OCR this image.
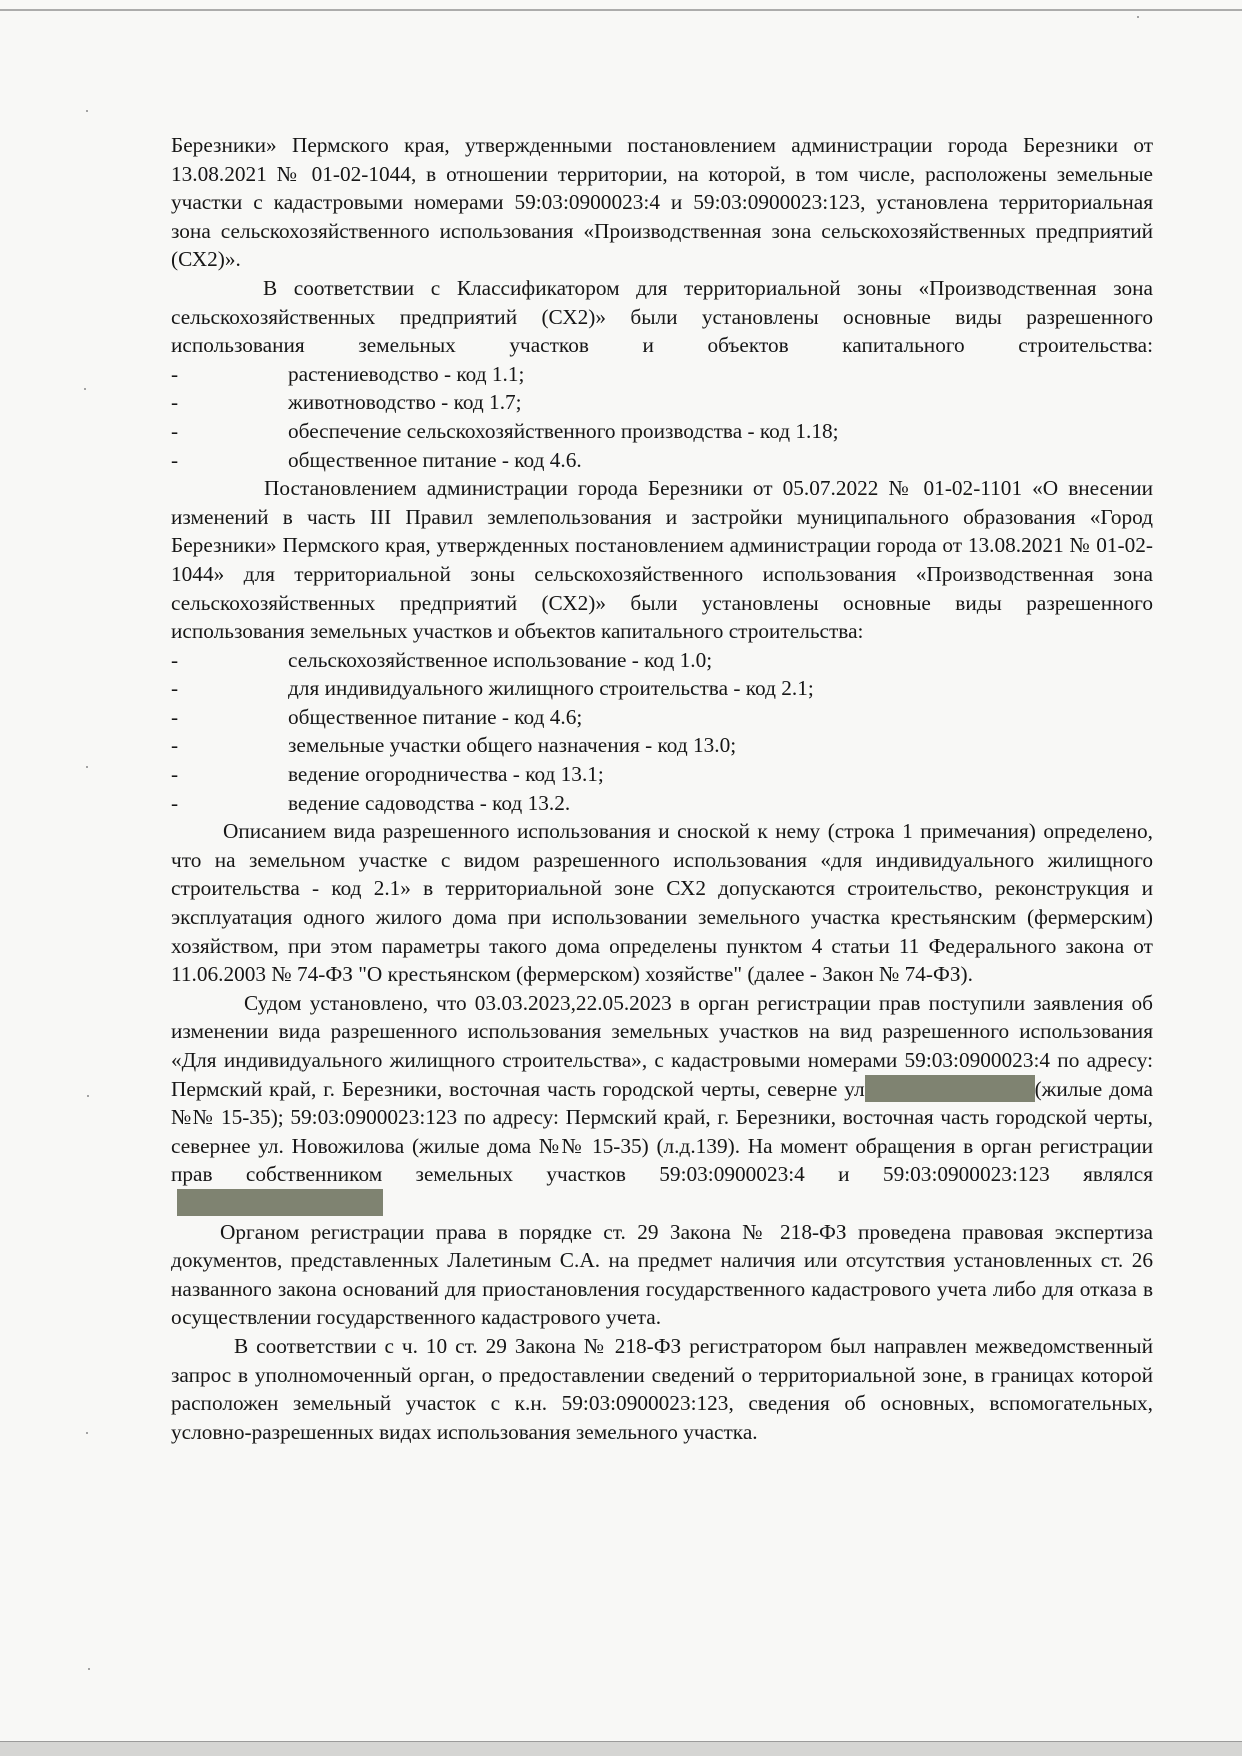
Березники» Пермского края, утвержденными постановлением администрации города Березники от 13.08.2021 № 01-02-1044, в отношении территории, на которой, в том числе, расположены земельные участки с кадастровыми номерами 59:03:0900023:4 и 59:03:0900023:123, установлена территориальная зона сельскохозяйственного использования «Производственная зона сельскохозяйственных предприятий (СХ2)».

В соответствии с Классификатором для территориальной зоны «Производственная зона сельскохозяйственных предприятий (СХ2)» были установлены основные виды разрешенного использования земельных участков и объектов капитального строительства:

-	растениеводство - код 1.1;
-	животноводство - код 1.7;
-	обеспечение сельскохозяйственного производства - код 1.18;
-	общественное питание - код 4.6.

Постановлением администрации города Березники от 05.07.2022 № 01-02-1101 «О внесении изменений в часть III Правил землепользования и застройки муниципального образования «Город Березники» Пермского края, утвержденных постановлением администрации города от 13.08.2021 № 01-02-1044» для территориальной зоны сельскохозяйственного использования «Производственная зона сельскохозяйственных предприятий (СХ2)» были установлены основные виды разрешенного использования земельных участков и объектов капитального строительства:

-	сельскохозяйственное использование - код 1.0;
-	для индивидуального жилищного строительства - код 2.1;
-	общественное питание - код 4.6;
-	земельные участки общего назначения - код 13.0;
-	ведение огородничества - код 13.1;
-	ведение садоводства - код 13.2.

Описанием вида разрешенного использования и сноской к нему (строка 1 примечания) определено, что на земельном участке с видом разрешенного использования «для индивидуального жилищного строительства - код 2.1» в территориальной зоне СХ2 допускаются строительство, реконструкция и эксплуатация одного жилого дома при использовании земельного участка крестьянским (фермерским) хозяйством, при этом параметры такого дома определены пунктом 4 статьи 11 Федерального закона от 11.06.2003 № 74-ФЗ "О крестьянском (фермерском) хозяйстве" (далее - Закон № 74-ФЗ).

Судом установлено, что 03.03.2023,22.05.2023 в орган регистрации прав поступили заявления об изменении вида разрешенного использования земельных участков на вид разрешенного использования «Для индивидуального жилищного строительства», с кадастровыми номерами 59:03:0900023:4 по адресу: Пермский край, г. Березники, восточная часть городской черты, северне ул	(жилые дома №№ 15-35); 59:03:0900023:123 по адресу: Пермский край, г. Березники, восточная часть городской черты, севернее ул. Новожилова (жилые дома №№ 15-35) (л.д.139). На момент обращения в орган регистрации прав собственником земельных участков 59:03:0900023:4 и 59:03:0900023:123 являлся

Органом регистрации права в порядке ст. 29 Закона № 218-ФЗ проведена правовая экспертиза документов, представленных Лалетиным С.А. на предмет наличия или отсутствия установленных ст. 26 названного закона оснований для приостановления государственного кадастрового учета либо для отказа в осуществлении государственного кадастрового учета.

В соответствии с ч. 10 ст. 29 Закона № 218-ФЗ регистратором был направлен межведомственный запрос в уполномоченный орган, о предоставлении сведений о территориальной зоне, в границах которой расположен земельный участок с к.н. 59:03:0900023:123, сведения об основных, вспомогательных, условно-разрешенных видах использования земельного участка.
